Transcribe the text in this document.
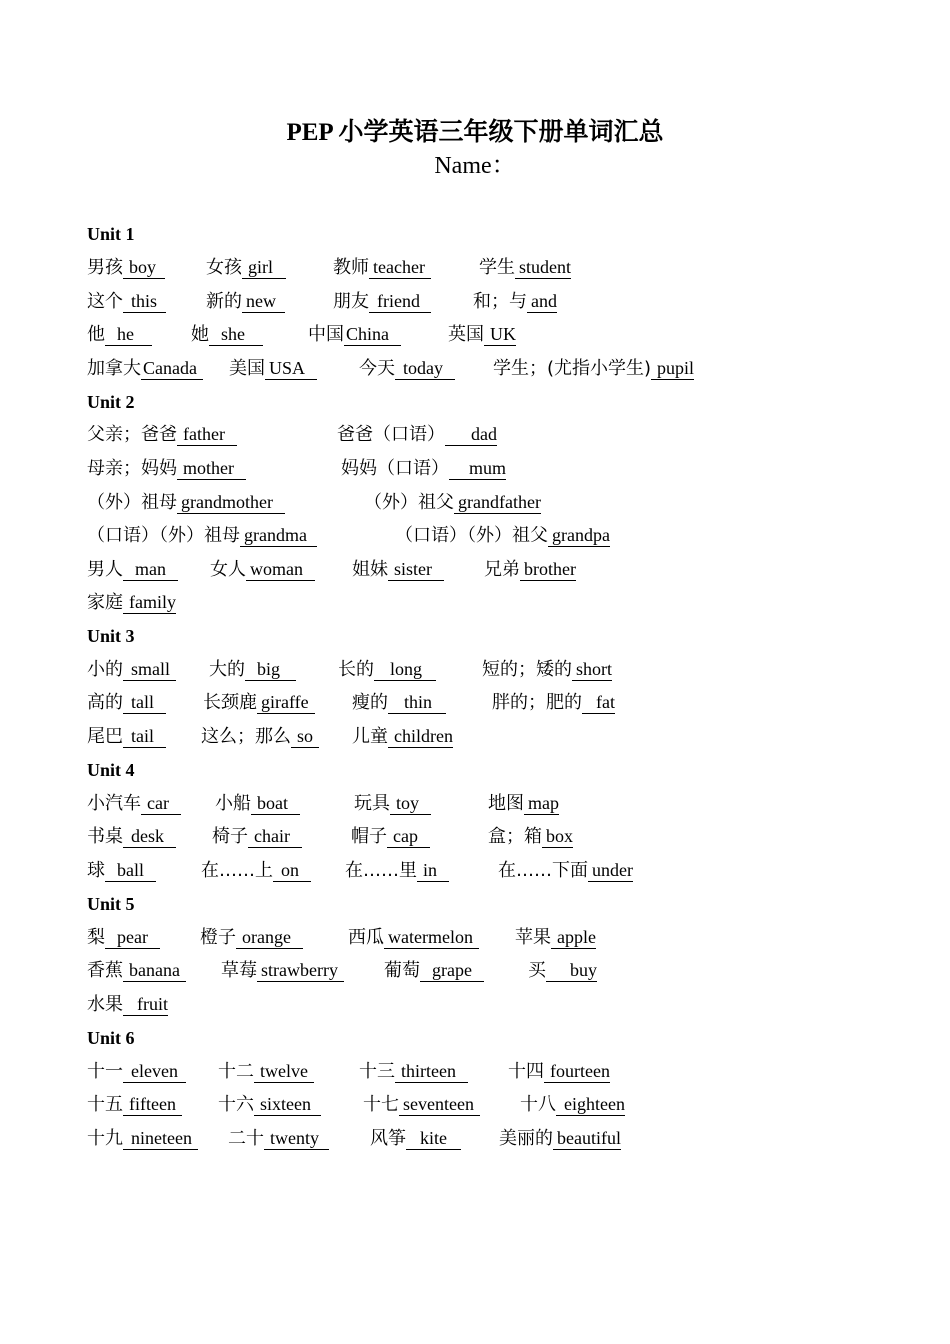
PEP 小学英语三年级下册单词汇总
Name：
Unit 1
男孩 boy	女孩 girl	教师 teacher	学生 student
这个 this	新的 new	朋友 friend	和；与 and
他 he	她 she	中国 China	英国 UK
加拿大 Canada	美国 USA	今天 today	学生；(尤指小学生) pupil
Unit 2
父亲；爸爸 father	爸爸（口语） dad
母亲；妈妈 mother	妈妈（口语） mum
（外）祖母 grandmother	（外）祖父 grandfather
（口语）（外）祖母 grandma	（口语）（外）祖父 grandpa
男人 man	女人 woman	姐妹 sister	兄弟 brother
家庭 family
Unit 3
小的 small	大的 big	长的 long	短的；矮的 short
高的 tall	长颈鹿 giraffe	瘦的 thin	胖的；肥的 fat
尾巴 tail	这么；那么 so	儿童 children
Unit 4
小汽车 car	小船 boat	玩具 toy	地图 map
书桌 desk	椅子 chair	帽子 cap	盒；箱 box
球 ball	在……上 on	在……里 in	在……下面 under
Unit 5
梨 pear	橙子 orange	西瓜 watermelon	苹果 apple
香蕉 banana	草莓 strawberry	葡萄 grape	买 buy
水果 fruit
Unit 6
十一 eleven	十二 twelve	十三 thirteen	十四 fourteen
十五 fifteen	十六 sixteen	十七 seventeen	十八 eighteen
十九 nineteen	二十 twenty	风筝 kite	美丽的 beautiful
